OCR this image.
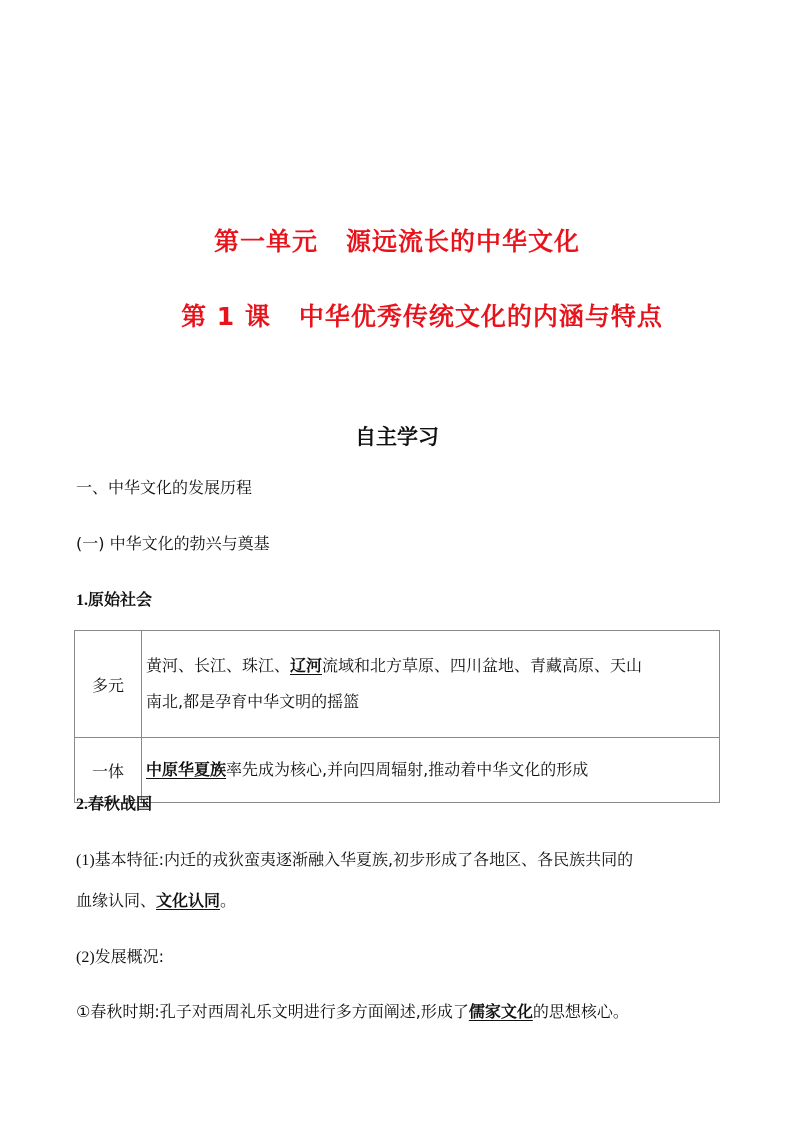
第一单元 源远流长的中华文化
第 1 课 中华优秀传统文化的内涵与特点
自主学习
一、中华文化的发展历程
(一) 中华文化的勃兴与奠基
1.原始社会
多元	黄河、长江、珠江、辽河流域和北方草原、四川盆地、青藏高原、天山
南北,都是孕育中华文明的摇篮
一体	中原华夏族率先成为核心,并向四周辐射,推动着中华文化的形成
2.春秋战国
(1)基本特征:内迁的戎狄蛮夷逐渐融入华夏族,初步形成了各地区、各民族共同的
血缘认同、文化认同。
(2)发展概况:
①春秋时期:孔子对西周礼乐文明进行多方面阐述,形成了儒家文化的思想核心。
